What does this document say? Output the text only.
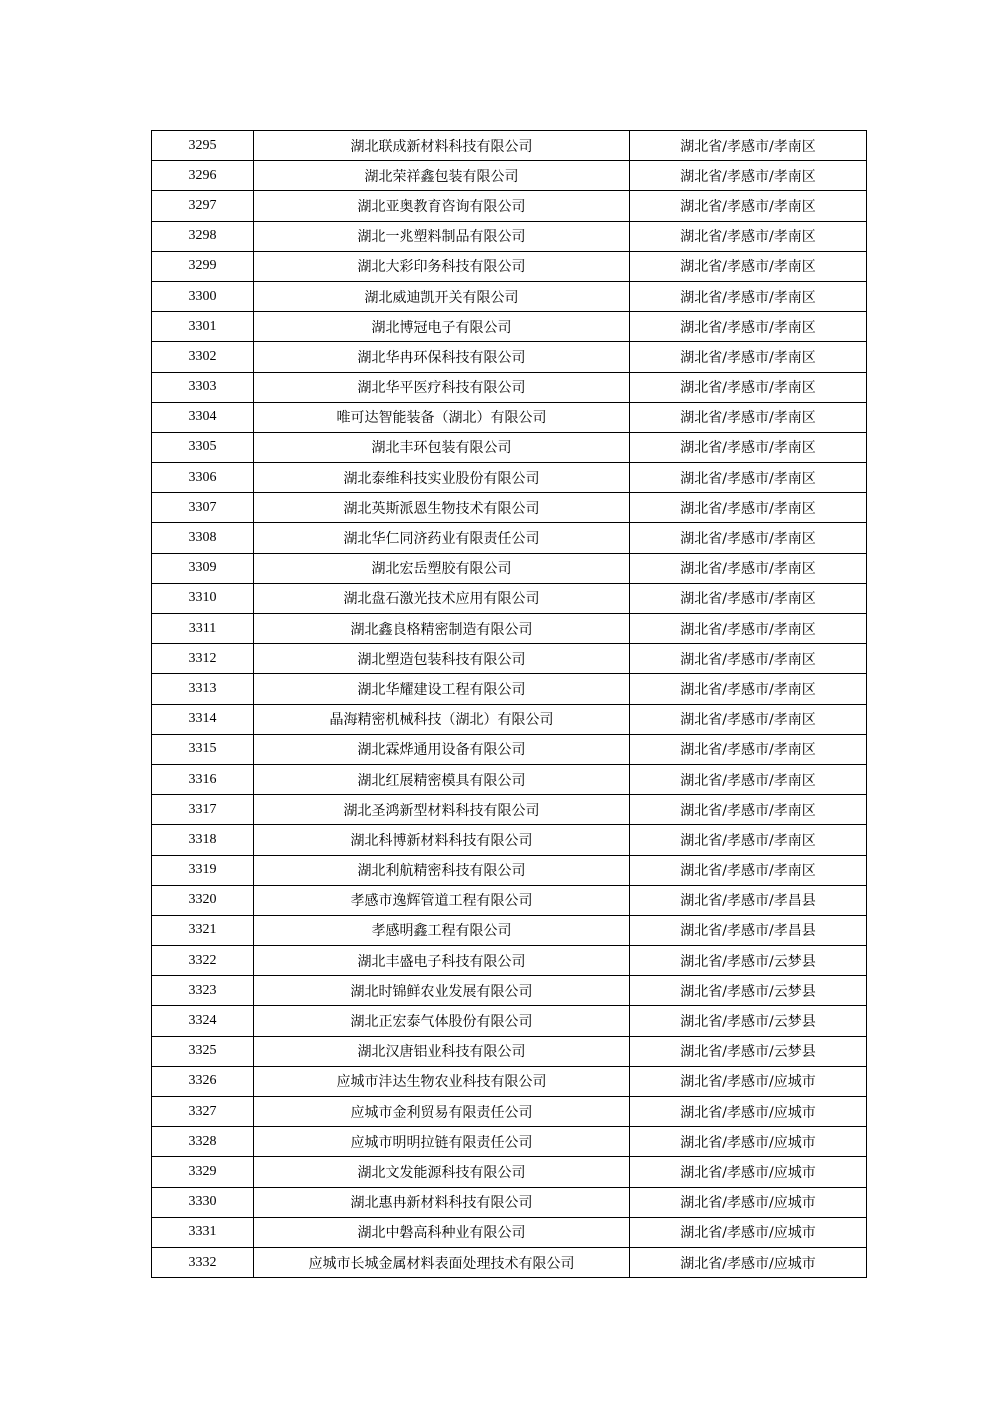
3295	湖北联成新材料科技有限公司	湖北省/孝感市/孝南区
3296	湖北荣祥鑫包装有限公司	湖北省/孝感市/孝南区
3297	湖北亚奥教育咨询有限公司	湖北省/孝感市/孝南区
3298	湖北一兆塑料制品有限公司	湖北省/孝感市/孝南区
3299	湖北大彩印务科技有限公司	湖北省/孝感市/孝南区
3300	湖北威迪凯开关有限公司	湖北省/孝感市/孝南区
3301	湖北博冠电子有限公司	湖北省/孝感市/孝南区
3302	湖北华冉环保科技有限公司	湖北省/孝感市/孝南区
3303	湖北华平医疗科技有限公司	湖北省/孝感市/孝南区
3304	唯可达智能装备（湖北）有限公司	湖北省/孝感市/孝南区
3305	湖北丰环包装有限公司	湖北省/孝感市/孝南区
3306	湖北泰维科技实业股份有限公司	湖北省/孝感市/孝南区
3307	湖北英斯派恩生物技术有限公司	湖北省/孝感市/孝南区
3308	湖北华仁同济药业有限责任公司	湖北省/孝感市/孝南区
3309	湖北宏岳塑胶有限公司	湖北省/孝感市/孝南区
3310	湖北盘石激光技术应用有限公司	湖北省/孝感市/孝南区
3311	湖北鑫良格精密制造有限公司	湖北省/孝感市/孝南区
3312	湖北塑造包装科技有限公司	湖北省/孝感市/孝南区
3313	湖北华耀建设工程有限公司	湖北省/孝感市/孝南区
3314	晶海精密机械科技（湖北）有限公司	湖北省/孝感市/孝南区
3315	湖北霖烨通用设备有限公司	湖北省/孝感市/孝南区
3316	湖北红展精密模具有限公司	湖北省/孝感市/孝南区
3317	湖北圣鸿新型材料科技有限公司	湖北省/孝感市/孝南区
3318	湖北科博新材料科技有限公司	湖北省/孝感市/孝南区
3319	湖北利航精密科技有限公司	湖北省/孝感市/孝南区
3320	孝感市逸辉管道工程有限公司	湖北省/孝感市/孝昌县
3321	孝感明鑫工程有限公司	湖北省/孝感市/孝昌县
3322	湖北丰盛电子科技有限公司	湖北省/孝感市/云梦县
3323	湖北时锦鲜农业发展有限公司	湖北省/孝感市/云梦县
3324	湖北正宏泰气体股份有限公司	湖北省/孝感市/云梦县
3325	湖北汉唐铝业科技有限公司	湖北省/孝感市/云梦县
3326	应城市沣达生物农业科技有限公司	湖北省/孝感市/应城市
3327	应城市金利贸易有限责任公司	湖北省/孝感市/应城市
3328	应城市明明拉链有限责任公司	湖北省/孝感市/应城市
3329	湖北文发能源科技有限公司	湖北省/孝感市/应城市
3330	湖北惠冉新材料科技有限公司	湖北省/孝感市/应城市
3331	湖北中磐高科种业有限公司	湖北省/孝感市/应城市
3332	应城市长城金属材料表面处理技术有限公司	湖北省/孝感市/应城市
